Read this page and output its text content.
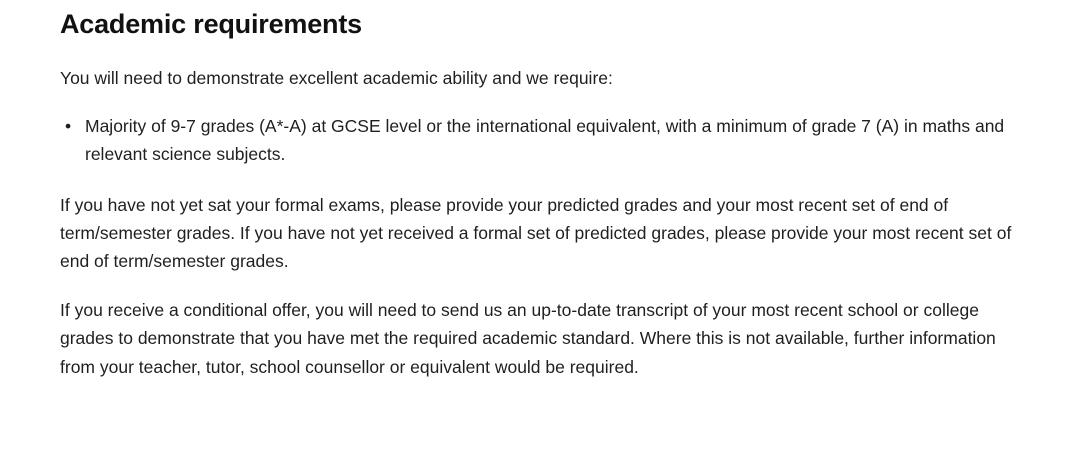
Academic requirements

You will need to demonstrate excellent academic ability and we require:

• Majority of 9-7 grades (A*-A) at GCSE level or the international equivalent, with a minimum of grade 7 (A) in maths and relevant science subjects.

If you have not yet sat your formal exams, please provide your predicted grades and your most recent set of end of term/semester grades. If you have not yet received a formal set of predicted grades, please provide your most recent set of end of term/semester grades.

If you receive a conditional offer, you will need to send us an up-to-date transcript of your most recent school or college grades to demonstrate that you have met the required academic standard. Where this is not available, further information from your teacher, tutor, school counsellor or equivalent would be required.
